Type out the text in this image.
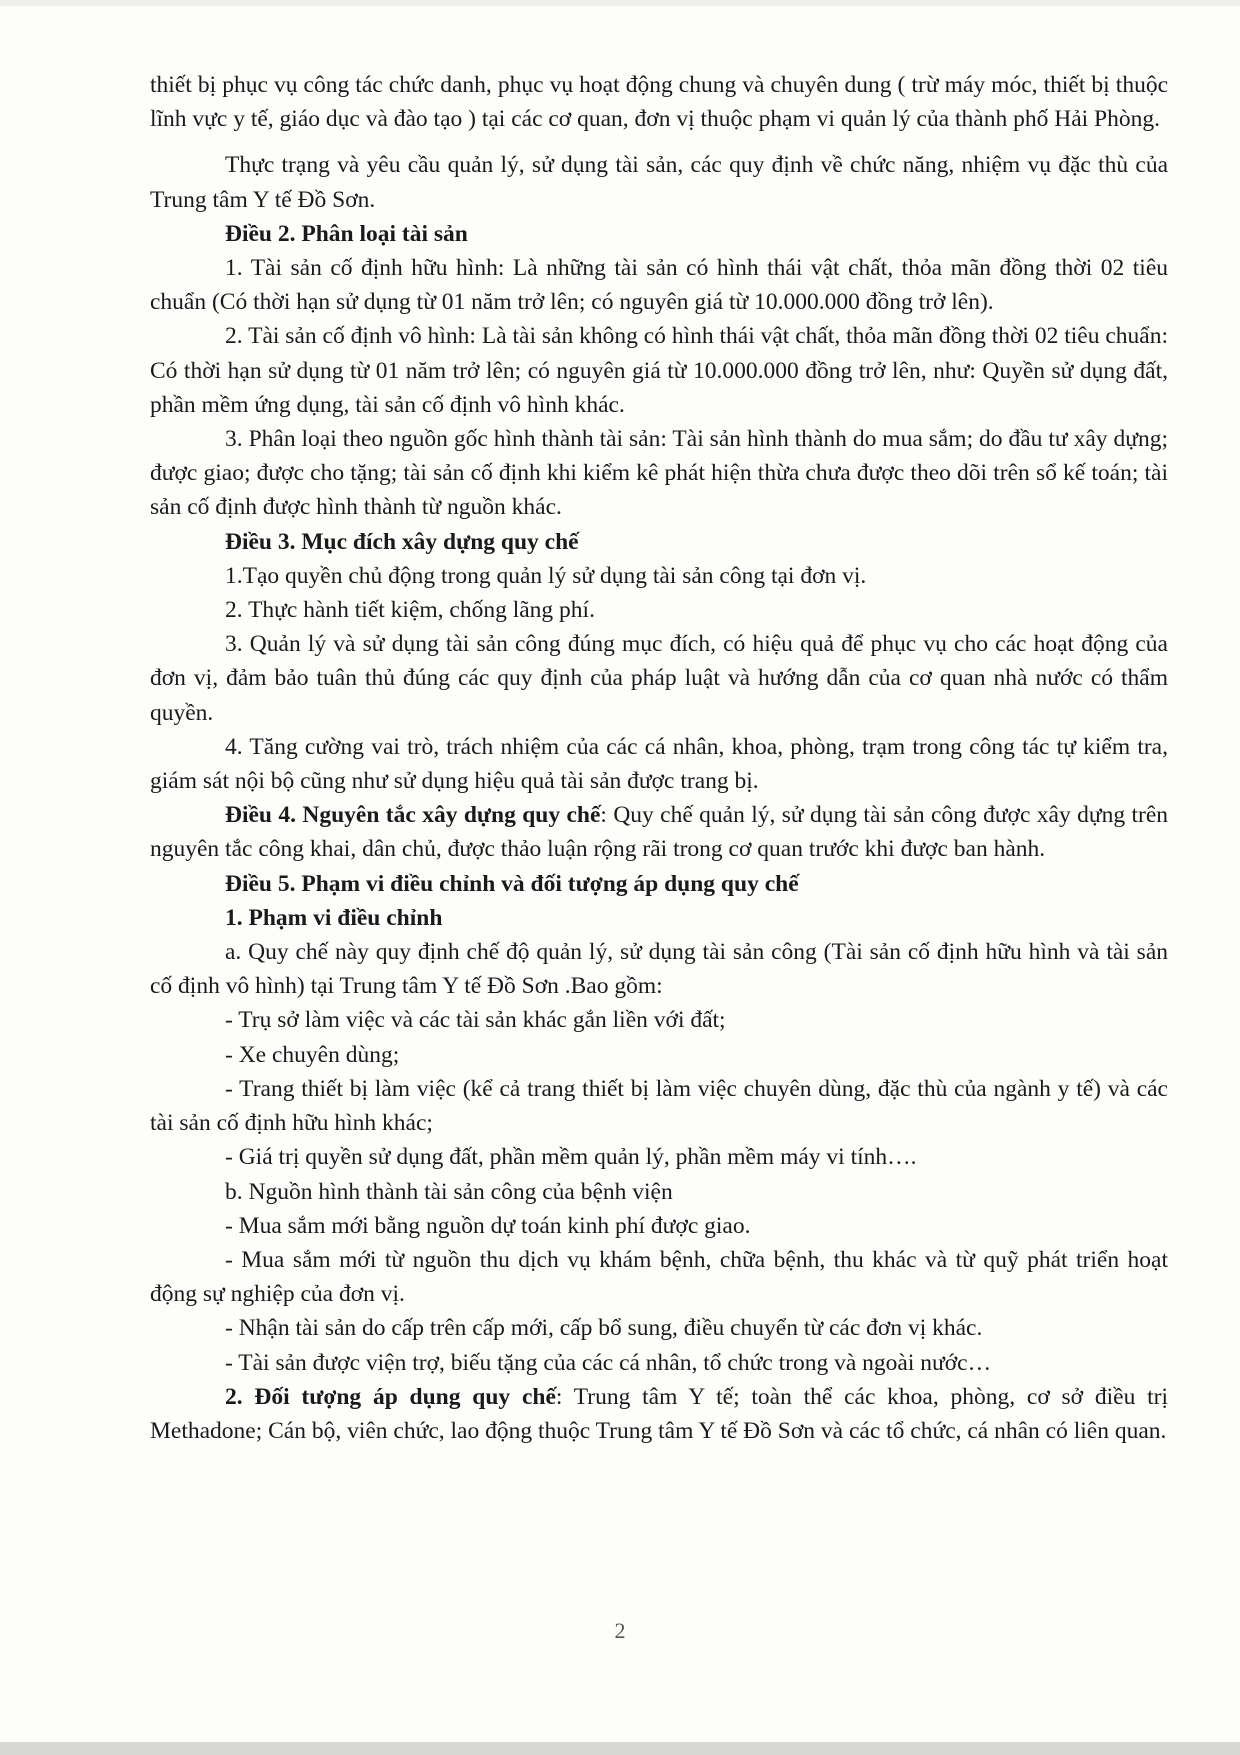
thiết bị phục vụ công tác chức danh, phục vụ hoạt động chung và chuyên dung ( trừ máy móc, thiết bị thuộc lĩnh vực y tế, giáo dục và đào tạo ) tại các cơ quan, đơn vị thuộc phạm vi quản lý của thành phố Hải Phòng.

Thực trạng và yêu cầu quản lý, sử dụng tài sản, các quy định về chức năng, nhiệm vụ đặc thù của Trung tâm Y tế Đồ Sơn.

Điều 2. Phân loại tài sản

1. Tài sản cố định hữu hình: Là những tài sản có hình thái vật chất, thỏa mãn đồng thời 02 tiêu chuẩn (Có thời hạn sử dụng từ 01 năm trở lên; có nguyên giá từ 10.000.000 đồng trở lên).

2. Tài sản cố định vô hình: Là tài sản không có hình thái vật chất, thỏa mãn đồng thời 02 tiêu chuẩn: Có thời hạn sử dụng từ 01 năm trở lên; có nguyên giá từ 10.000.000 đồng trở lên, như: Quyền sử dụng đất, phần mềm ứng dụng, tài sản cố định vô hình khác.

3. Phân loại theo nguồn gốc hình thành tài sản: Tài sản hình thành do mua sắm; do đầu tư xây dựng; được giao; được cho tặng; tài sản cố định khi kiểm kê phát hiện thừa chưa được theo dõi trên sổ kế toán; tài sản cố định được hình thành từ nguồn khác.

Điều 3. Mục đích xây dựng quy chế

1.Tạo quyền chủ động trong quản lý sử dụng tài sản công tại đơn vị.

2. Thực hành tiết kiệm, chống lãng phí.

3. Quản lý và sử dụng tài sản công đúng mục đích, có hiệu quả để phục vụ cho các hoạt động của đơn vị, đảm bảo tuân thủ đúng các quy định của pháp luật và hướng dẫn của cơ quan nhà nước có thẩm quyền.

4. Tăng cường vai trò, trách nhiệm của các cá nhân, khoa, phòng, trạm trong công tác tự kiểm tra, giám sát nội bộ cũng như sử dụng hiệu quả tài sản được trang bị.

Điều 4. Nguyên tắc xây dựng quy chế: Quy chế quản lý, sử dụng tài sản công được xây dựng trên nguyên tắc công khai, dân chủ, được thảo luận rộng rãi trong cơ quan trước khi được ban hành.

Điều 5. Phạm vi điều chỉnh và đối tượng áp dụng quy chế

1. Phạm vi điều chỉnh

a. Quy chế này quy định chế độ quản lý, sử dụng tài sản công (Tài sản cố định hữu hình và tài sản cố định vô hình) tại Trung tâm Y tế Đồ Sơn .Bao gồm:

- Trụ sở làm việc và các tài sản khác gắn liền với đất;

- Xe chuyên dùng;

- Trang thiết bị làm việc (kể cả trang thiết bị làm việc chuyên dùng, đặc thù của ngành y tế) và các tài sản cố định hữu hình khác;

- Giá trị quyền sử dụng đất, phần mềm quản lý, phần mềm máy vi tính….

b. Nguồn hình thành tài sản công của bệnh viện

- Mua sắm mới bằng nguồn dự toán kinh phí được giao.

- Mua sắm mới từ nguồn thu dịch vụ khám bệnh, chữa bệnh, thu khác và từ quỹ phát triển hoạt động sự nghiệp của đơn vị.

- Nhận tài sản do cấp trên cấp mới, cấp bổ sung, điều chuyển từ các đơn vị khác.

- Tài sản được viện trợ, biếu tặng của các cá nhân, tổ chức trong và ngoài nước…

2. Đối tượng áp dụng quy chế: Trung tâm Y tế; toàn thể các khoa, phòng, cơ sở điều trị Methadone; Cán bộ, viên chức, lao động thuộc Trung tâm Y tế Đồ Sơn và các tổ chức, cá nhân có liên quan.

2
